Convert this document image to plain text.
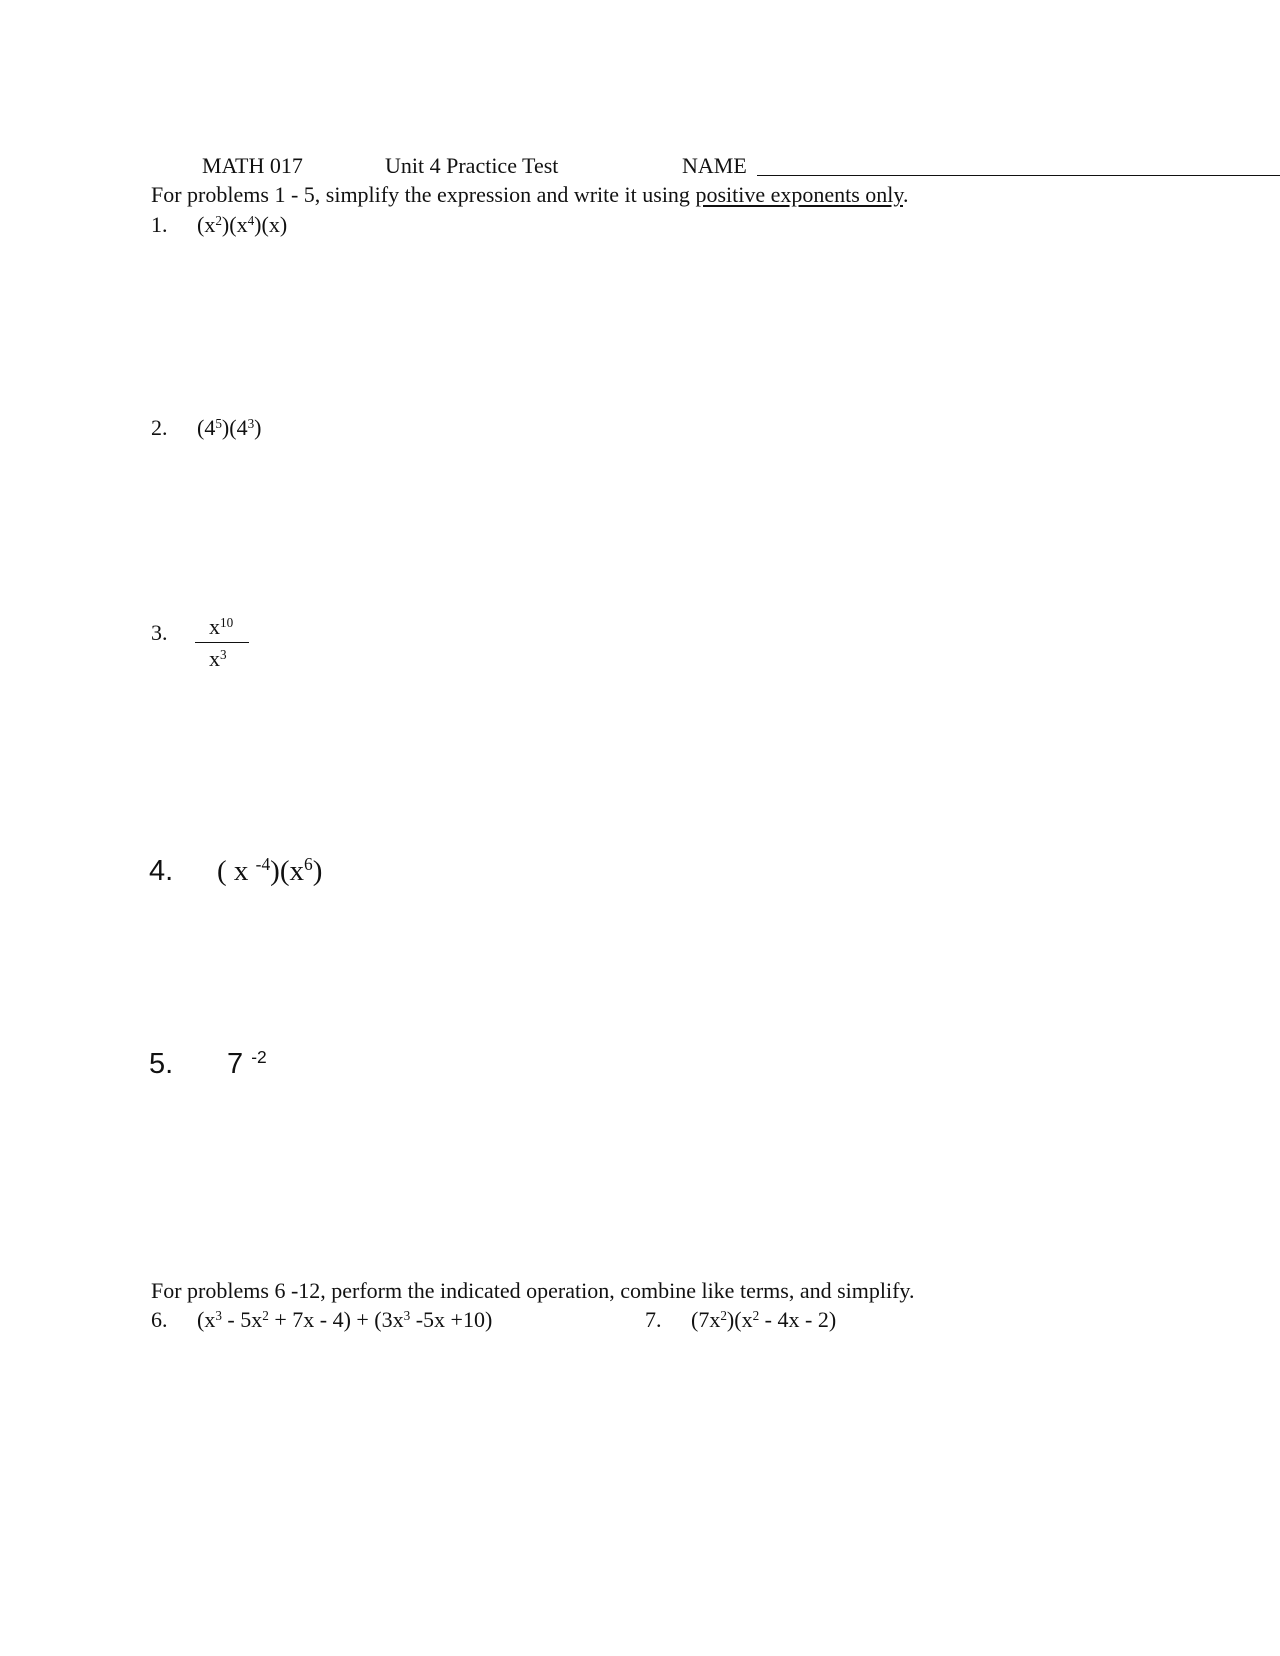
MATH 017	Unit 4 Practice Test	NAME
For problems 1 - 5, simplify the expression and write it using positive exponents only.
1. $(x^2)(x^4)(x)$
2. $(4^5)(4^3)$
3. $x^{10}$
$x^3$
4. ( x $^{-4})(x^6)$
5. 7 $^{-2}$
For problems 6 -12, perform the indicated operation, combine like terms, and simplify.
6. $(x^3 - 5x^2 + 7x - 4) + (3x^3$ -5x +10)	7. $(7x^2)(x^2 - 4x - 2)$
